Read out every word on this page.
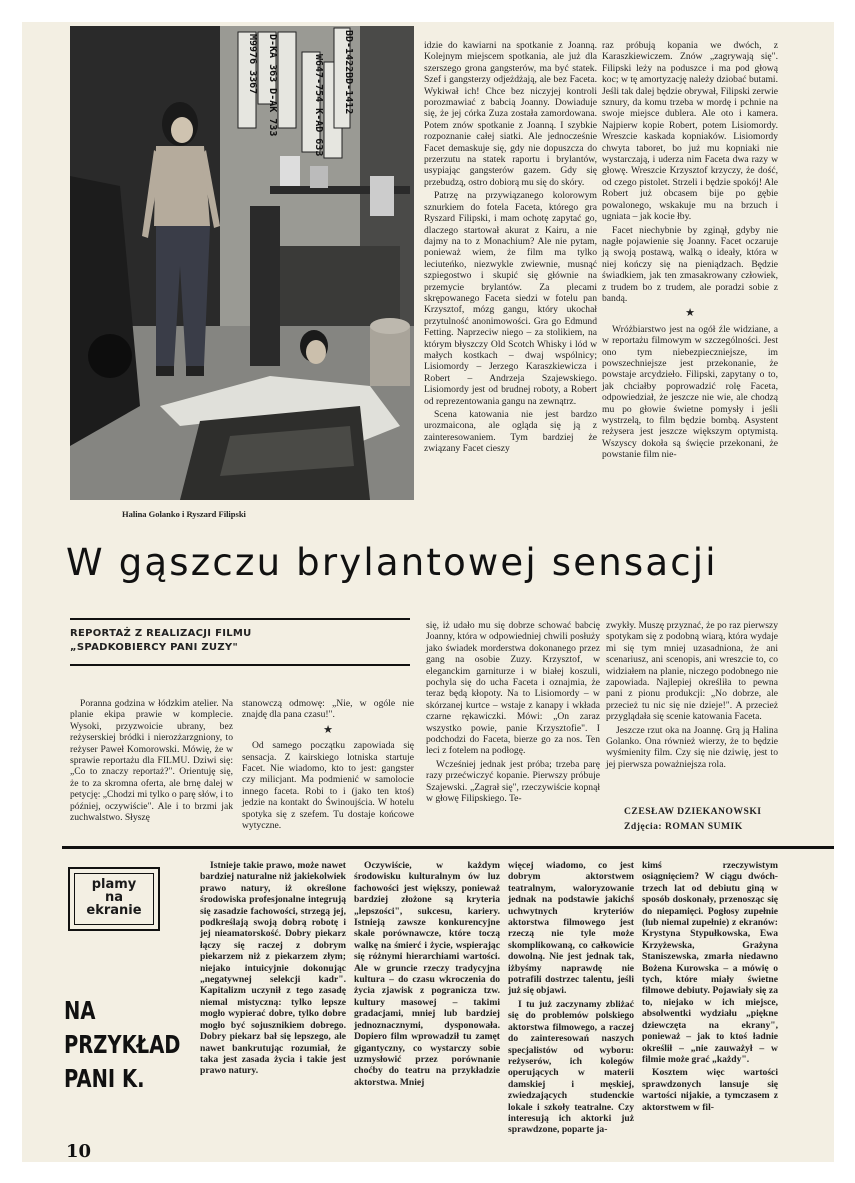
M9976 3367 D-KA 363 D-AK 733	W647-754 K-AD 633 BD-1422BD-1412
Halina Golanko i Ryszard Filipski

idzie do kawiarni na spotkanie z Joanną. Kolejnym miejscem spotkania, ale już dla szerszego grona gangsterów, ma być statek. Szef i gangsterzy odjeżdżają, ale bez Faceta. Wykiwał ich! Chce bez niczyjej kontroli porozmawiać z babcią Joanny. Dowiaduje się, że jej córka Zuza została zamordowana. Potem znów spotkanie z Joanną. I szybkie rozpoznanie całej siatki. Ale jednocześnie Facet demaskuje się, gdy nie dopuszcza do przerzutu na statek raportu i brylantów, usypiając gangsterów gazem. Gdy się przebudzą, ostro dobiorą mu się do skóry.

Patrzę na przywiązanego kolorowym sznurkiem do fotela Faceta, którego gra Ryszard Filipski, i mam ochotę zapytać go, dlaczego startował akurat z Kairu, a nie dajmy na to z Monachium? Ale nie pytam, ponieważ wiem, że film ma tylko leciuteńko, niezwykle zwiewnie, musnąć szpiegostwo i skupić się głównie na przemycie brylantów. Za plecami skrępowanego Faceta siedzi w fotelu pan Krzysztof, mózg gangu, który ukochał przytulność anonimowości. Gra go Edmund Fetting. Naprzeciw niego – za stolikiem, na którym błyszczy Old Scotch Whisky i lód w małych kostkach – dwaj wspólnicy; Lisiomordy – Jerzego Karaszkiewicza i Robert – Andrzeja Szajewskiego. Lisiomordy jest od brudnej roboty, a Robert od reprezentowania gangu na zewnątrz.

Scena katowania nie jest bardzo urozmaicona, ale ogląda się ją z zainteresowaniem. Tym bardziej że związany Facet cieszy

raz próbują kopania we dwóch, z Karaszkiewiczem. Znów „zagrywają się". Filipski leży na poduszce i ma pod głową koc; w tę amortyzację należy dziobać butami. Jeśli tak dalej będzie obrywał, Filipski zerwie sznury, da komu trzeba w mordę i pchnie na swoje miejsce dublera. Ale oto i kamera. Najpierw kopie Robert, potem Lisiomordy. Wreszcie kaskada kopniaków. Lisiomordy chwyta taboret, bo już mu kopniaki nie wystarczają, i uderza nim Faceta dwa razy w głowę. Wreszcie Krzysztof krzyczy, że dość, od czego pistolet. Strzeli i będzie spokój! Ale Robert już obcasem bije po gębie powalonego, wskakuje mu na brzuch i ugniata – jak kocie łby.

Facet niechybnie by zginął, gdyby nie nagłe pojawienie się Joanny. Facet oczaruje ją swoją postawą, walką o ideały, która w niej kończy się na pieniądzach. Będzie świadkiem, jak ten zmasakrowany człowiek, z trudem bo z trudem, ale poradzi sobie z bandą.

★

Wróżbiarstwo jest na ogół źle widziane, a w reportażu filmowym w szczególności. Jest ono tym niebezpieczniejsze, im powszechniejsze jest przekonanie, że powstaje arcydzieło. Filipski, zapytany o to, jak chciałby poprowadzić rolę Faceta, odpowiedział, że jeszcze nie wie, ale chodzą mu po głowie świetne pomysły i jeśli wystrzelą, to film będzie bombą. Asystent reżysera jest jeszcze większym optymistą. Wszyscy dokoła są święcie przekonani, że powstanie film nie-

W gąszczu brylantowej sensacji
REPORTAŻ Z REALIZACJI FILMU
„SPADKOBIERCY PANI ZUZY"

Poranna godzina w łódzkim atelier. Na planie ekipa prawie w komplecie. Wysoki, przyzwoicie ubrany, bez reżyserskiej bródki i nierozżarzgniony, to reżyser Paweł Komorowski. Mówię, że w sprawie reportażu dla FILMU. Dziwi się: „Co to znaczy reportaż?". Orientuję się, że to za skromna oferta, ale brnę dalej w petycję: „Chodzi mi tylko o parę słów, i to później, oczywiście". Ale i to brzmi jak zuchwalstwo. Słyszę

stanowczą odmowę: „Nie, w ogóle nie znajdę dla pana czasu!".

★

Od samego początku zapowiada się sensacja. Z kairskiego lotniska startuje Facet. Nie wiadomo, kto to jest: gangster czy milicjant. Ma podmienić w samolocie innego faceta. Robi to i (jako ten ktoś) jedzie na kontakt do Świnoujścia. W hotelu spotyka się z szefem. Tu dostaje końcowe wytyczne.

się, iż udało mu się dobrze schować babcię Joanny, która w odpowiedniej chwili posłuży jako świadek morderstwa dokonanego przez gang na osobie Zuzy. Krzysztof, w eleganckim garniturze i w białej koszuli, pochyla się do ucha Faceta i oznajmia, że teraz będą kłopoty. Na to Lisiomordy – w skórzanej kurtce – wstaje z kanapy i wkłada czarne rękawiczki. Mówi: „On zaraz wszystko powie, panie Krzysztofie". I podchodzi do Faceta, bierze go za nos. Ten leci z fotelem na podłogę.

Wcześniej jednak jest próba; trzeba parę razy przećwiczyć kopanie. Pierwszy próbuje Szajewski. „Zagrał się", rzeczywiście kopnął w głowę Filipskiego. Te-

zwykły. Muszę przyznać, że po raz pierwszy spotykam się z podobną wiarą, która wydaje mi się tym mniej uzasadniona, że ani scenariusz, ani scenopis, ani wreszcie to, co widziałem na planie, niczego podobnego nie zapowiada. Najlepiej określiła to pewna pani z pionu produkcji: „No dobrze, ale przecież tu nic się nie dzieje!". A przecież przyglądała się scenie katowania Faceta.

Jeszcze rzut oka na Joannę. Grą ją Halina Golanko. Ona również wierzy, że to będzie wyśmienity film. Czy się nie dziwię, jest to jej pierwsza poważniejsza rola.

CZESŁAW DZIEKANOWSKI
Zdjęcia: ROMAN SUMIK
plamy
na
ekranie
NA
PRZYKŁAD
PANI K.

Istnieje takie prawo, może nawet bardziej naturalne niż jakiekolwiek prawo natury, iż określone środowiska profesjonalne integrują się zasadzie fachowości, strzegą jej, podkreślają swoją dobrą robotę i jej nieamatorskość. Dobry piekarz łączy się raczej z dobrym piekarzem niż z piekarzem złym; niejako intuicyjnie dokonując „negatywnej selekcji kadr". Kapitalizm uczynił z tego zasadę niemal mistyczną: tylko lepsze mogło wypierać dobre, tylko dobre mogło być sojusznikiem dobrego. Dobry piekarz bał się lepszego, ale nawet bankrutując rozumiał, że taka jest zasada życia i takie jest prawo natury.

Oczywiście, w każdym środowisku kulturalnym ów luz fachowości jest większy, ponieważ bardziej złożone są kryteria „lepszości", sukcesu, kariery. Istnieją zawsze konkurencyjne skale porównawcze, które toczą walkę na śmierć i życie, wspierając się różnymi hierarchiami wartości. Ale w gruncie rzeczy tradycyjna kultura – do czasu wkroczenia do życia zjawisk z pogranicza tzw. kultury masowej – takimi gradacjami, mniej lub bardziej jednoznacznymi, dysponowała. Dopiero film wprowadził tu zamęt gigantyczny, co wystarczy sobie uzmysłowić przez porównanie choćby do teatru na przykładzie aktorstwa. Mniej

więcej wiadomo, co jest dobrym aktorstwem teatralnym, waloryzowanie jednak na podstawie jakichś uchwytnych kryteriów aktorstwa filmowego jest rzeczą nie tyle może skomplikowaną, co całkowicie dowolną. Nie jest jednak tak, iżbyśmy naprawdę nie potrafili dostrzec talentu, jeśli już się objawi.

I tu już zaczynamy zbliżać się do problemów polskiego aktorstwa filmowego, a raczej do zainteresowań naszych specjalistów od wyboru: reżyserów, ich kolegów operujących w materii damskiej i męskiej, zwiedzających studenckie lokale i szkoły teatralne. Czy interesują ich aktorki już sprawdzone, poparte ja-

kimś rzeczywistym osiągnięciem? W ciągu dwóch-trzech lat od debiutu giną w sposób doskonały, przenosząc się do niepamięci. Pogłosy zupełnie (lub niemal zupełnie) z ekranów: Krystyna Stypułkowska, Ewa Krzyżewska, Grażyna Staniszewska, zmarła niedawno Bożena Kurowska – a mówię o tych, które miały świetne filmowe debiuty. Pojawiały się za to, niejako w ich miejsce, absolwentki wydziału „piękne dziewczęta na ekrany", ponieważ – jak to ktoś ładnie określił – „nie zauważył – w filmie może grać „każdy".

Kosztem więc wartości sprawdzonych lansuje się wartości nijakie, a tymczasem z aktorstwem w fil-

10
